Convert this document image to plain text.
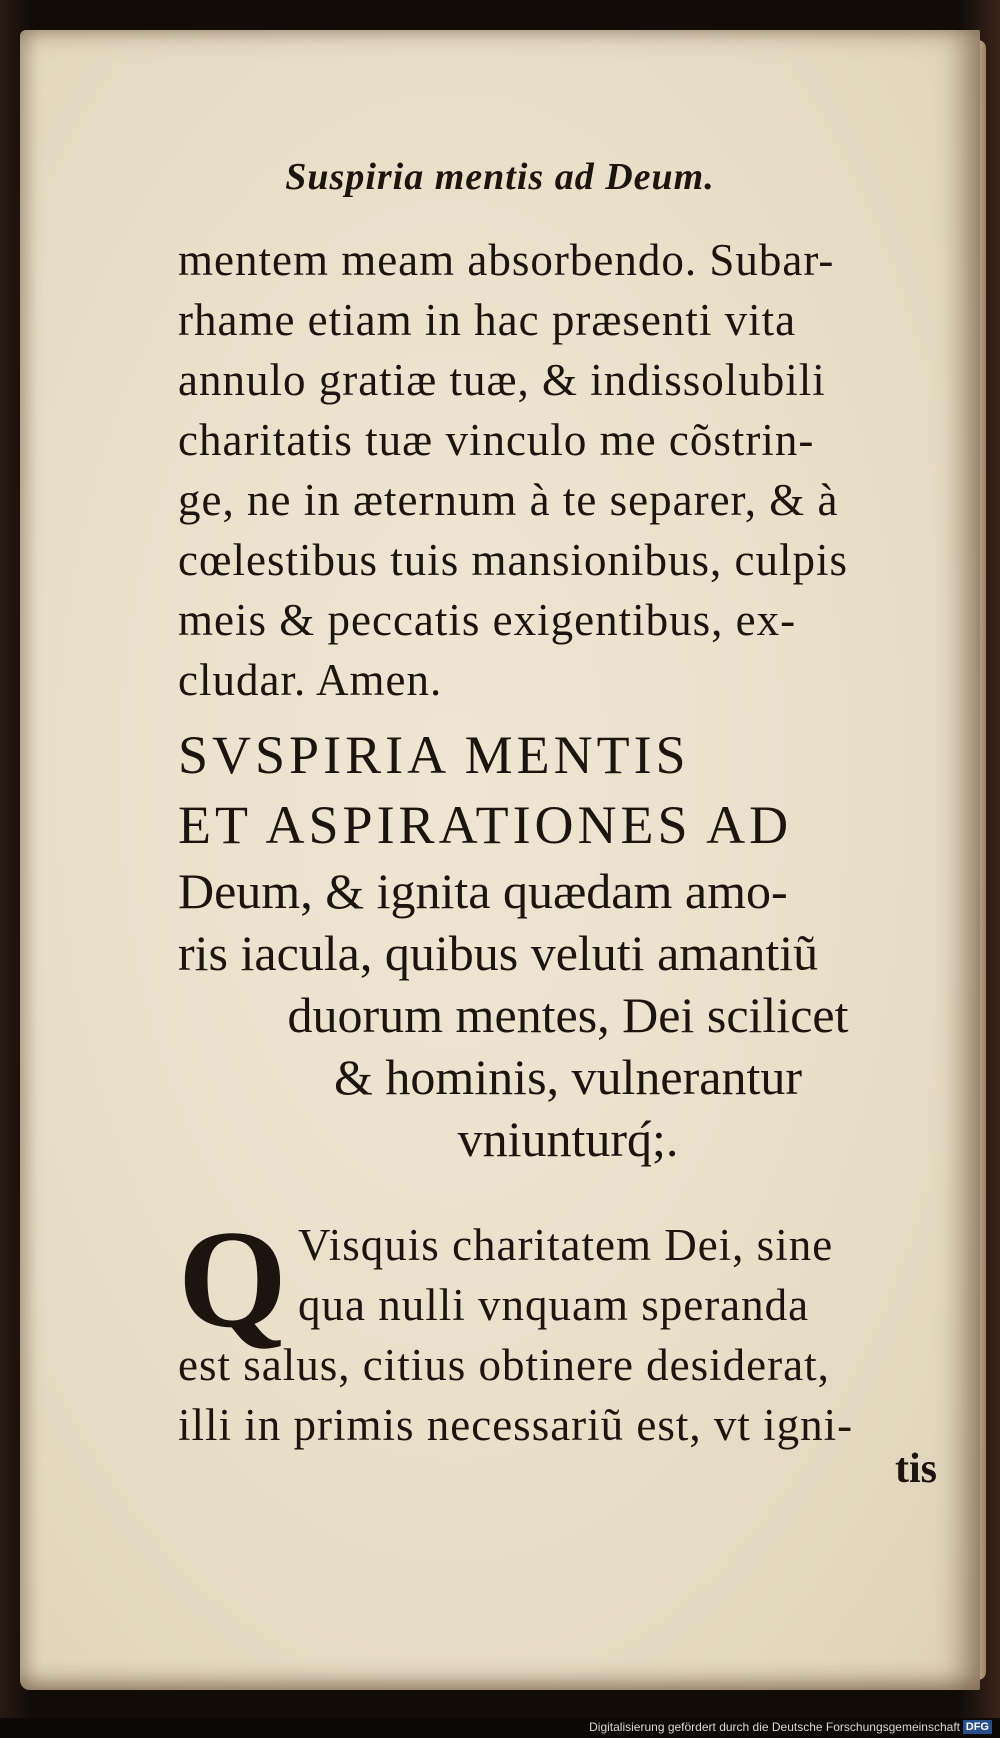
Suspiria mentis ad Deum.
mentem meam absorbendo. Subar-
rhame etiam in hac præsenti vita
annulo gratiæ tuæ, & indissolubili
charitatis tuæ vinculo me cõstrin-
ge, ne in æternum à te separer, & à
cœlestibus tuis mansionibus, culpis
meis & peccatis exigentibus, ex-
cludar. Amen.
SVSPIRIA MENTIS
ET ASPIRATIONES AD
Deum, & ignita quædam amo-
ris iacula, quibus veluti amantiũ
duorum mentes, Dei scilicet
& hominis, vulnerantur
vniunturq́;.
Q Visquis charitatem Dei, sine
qua nulli vnquam speranda
est salus, citius obtinere desiderat,
illi in primis necessariũ est, vt igni-
tis
Digitalisierung gefördert durch die Deutsche Forschungsgemeinschaft DFG
